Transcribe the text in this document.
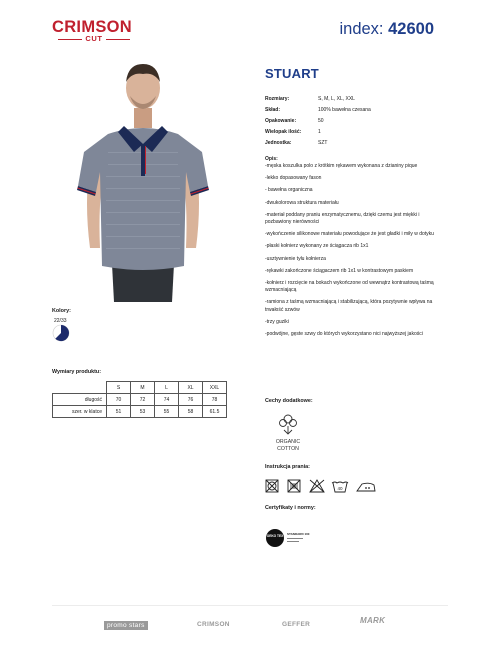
CRIMSON
CUT
index: 42600
Kolory:
22/33
Wymiary produktu:
	S	M	L	XL	XXL
długość	70	72	74	76	78
szer. w klatce	51	53	55	58	61.5
STUART
Rozmiary:	S, M, L, XL, XXL
Skład:	100% bawełna czesana
Opakowanie:	50
Wielopak ilość:	1
Jednostka:	SZT
Opis:
-męska koszulka polo z krótkim rękawem wykonana z dzianiny pique
-lekko dopasowany fason
- bawełna organiczna
-dwukolorowa struktura materiału
-materiał poddany praniu enzymatycznemu, dzięki czemu jest miękki i pozbawiony nierówności
-wykończenie silikonowe materiału powodujące że jest gładki i miły w dotyku
-płaski kołnierz wykonany ze ściągacza rib 1x1
-usztywnienie tyłu kołnierza
-rękawki zakończone ściągaczem rib 1x1 w kontrastowym paskiem
-kołnierz i rozcięcie na bokach wykończone od wewnątrz kontrastową taśmą wzmacniającą
-ramiona z taśmą wzmacniającą i stabilizującą, która pozytywnie wpływa na trwałość szwów
-trzy guziki
-podwójne, gęste szwy do których wykorzystano nici najwyższej jakości
Cechy dodatkowe:
ORGANIC
COTTON
Instrukcja prania:
40
Certyfikaty i normy:
OEKO TEX STANDARD 100
promo stars	CRIMSON	GEFFER	MARK
